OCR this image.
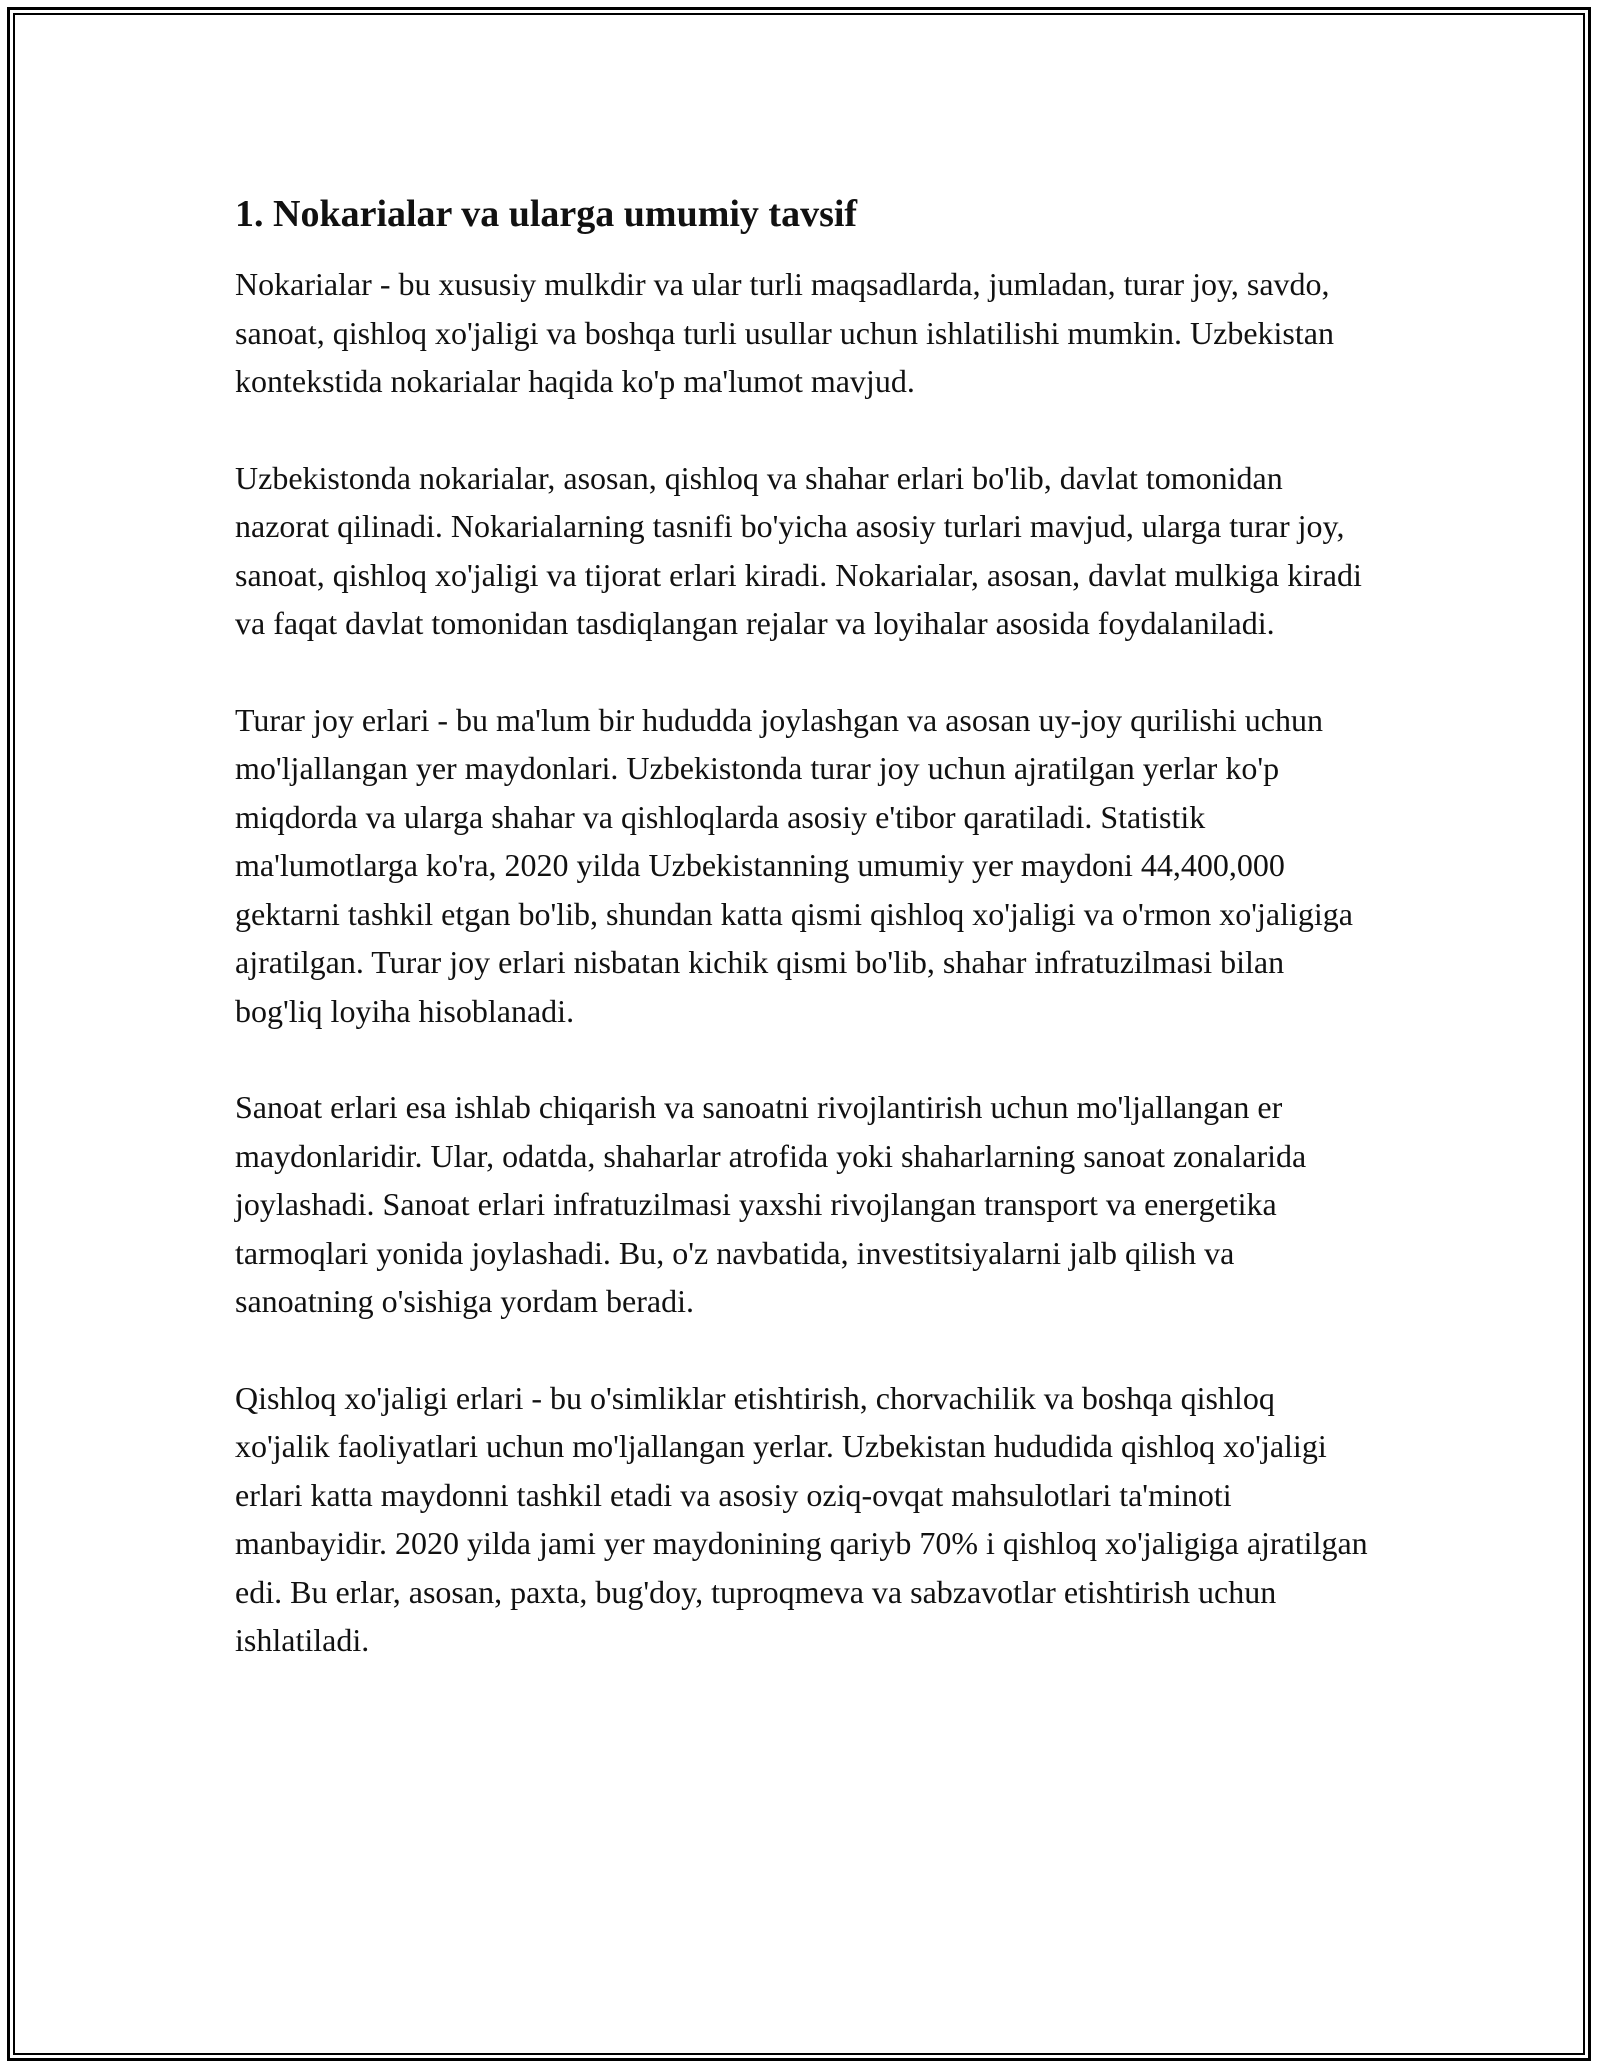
1. Nokarialar va ularga umumiy tavsif

Nokarialar - bu xususiy mulkdir va ular turli maqsadlarda, jumladan, turar joy, savdo, sanoat, qishloq xo'jaligi va boshqa turli usullar uchun ishlatilishi mumkin. Uzbekistan kontekstida nokarialar haqida ko'p ma'lumot mavjud.

Uzbekistonda nokarialar, asosan, qishloq va shahar erlari bo'lib, davlat tomonidan nazorat qilinadi. Nokarialarning tasnifi bo'yicha asosiy turlari mavjud, ularga turar joy, sanoat, qishloq xo'jaligi va tijorat erlari kiradi. Nokarialar, asosan, davlat mulkiga kiradi va faqat davlat tomonidan tasdiqlangan rejalar va loyihalar asosida foydalaniladi.

Turar joy erlari - bu ma'lum bir hududda joylashgan va asosan uy-joy qurilishi uchun mo'ljallangan yer maydonlari. Uzbekistonda turar joy uchun ajratilgan yerlar ko'p miqdorda va ularga shahar va qishloqlarda asosiy e'tibor qaratiladi. Statistik ma'lumotlarga ko'ra, 2020 yilda Uzbekistanning umumiy yer maydoni 44,400,000 gektarni tashkil etgan bo'lib, shundan katta qismi qishloq xo'jaligi va o'rmon xo'jaligiga ajratilgan. Turar joy erlari nisbatan kichik qismi bo'lib, shahar infratuzilmasi bilan bog'liq loyiha hisoblanadi.

Sanoat erlari esa ishlab chiqarish va sanoatni rivojlantirish uchun mo'ljallangan er maydonlaridir. Ular, odatda, shaharlar atrofida yoki shaharlarning sanoat zonalarida joylashadi. Sanoat erlari infratuzilmasi yaxshi rivojlangan transport va energetika tarmoqlari yonida joylashadi. Bu, o'z navbatida, investitsiyalarni jalb qilish va sanoatning o'sishiga yordam beradi.

Qishloq xo'jaligi erlari - bu o'simliklar etishtirish, chorvachilik va boshqa qishloq xo'jalik faoliyatlari uchun mo'ljallangan yerlar. Uzbekistan hududida qishloq xo'jaligi erlari katta maydonni tashkil etadi va asosiy oziq-ovqat mahsulotlari ta'minoti manbayidir. 2020 yilda jami yer maydonining qariyb 70% i qishloq xo'jaligiga ajratilgan edi. Bu erlar, asosan, paxta, bug'doy, tuproqmeva va sabzavotlar etishtirish uchun ishlatiladi.
